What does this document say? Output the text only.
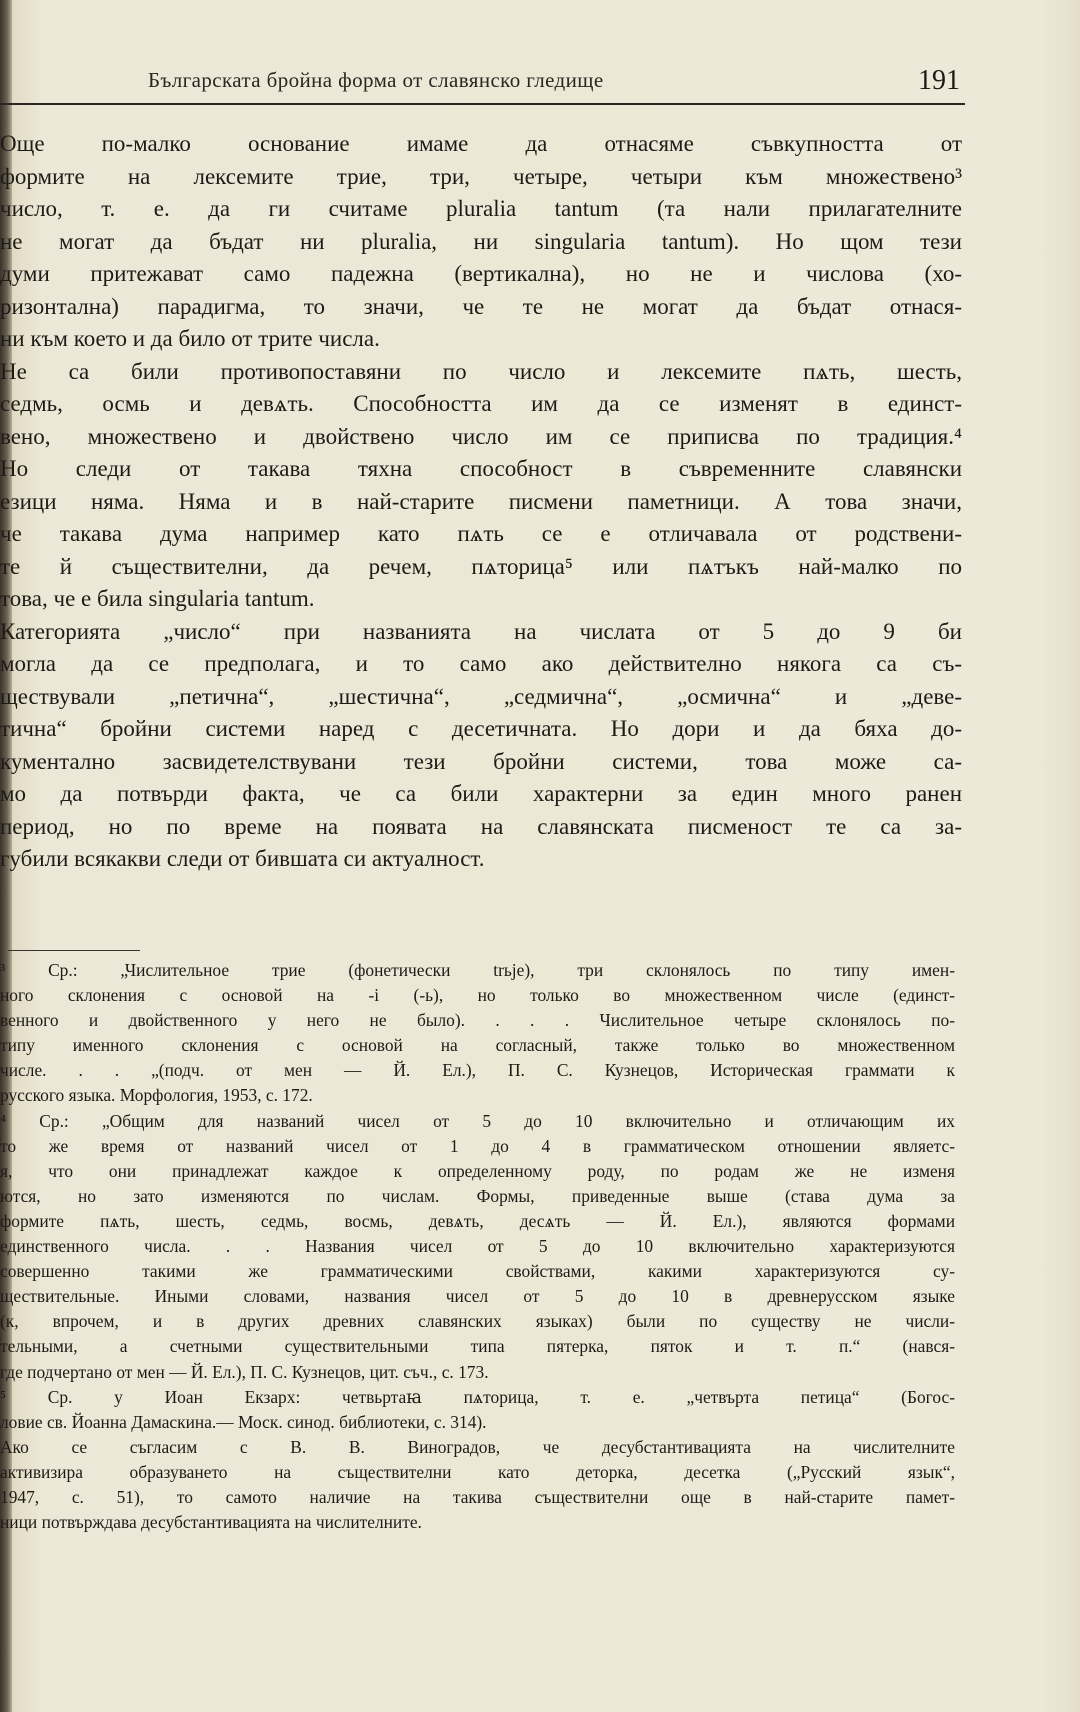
Българската бройна форма от славянско гледище	191
Още по-малко основание имаме да отнасяме съвкупността от
формите на лексемите трие, три, четыре, четыри към множествено³
число, т. е. да ги считаме pluralia tantum (та нали прилагателните
не могат да бъдат ни pluralia, ни singularia tantum). Но щом тези
думи притежават само падежна (вертикална), но не и числова (хо-
ризонтална) парадигма, то значи, че те не могат да бъдат отнася-
ни към което и да било от трите числа.
Не са били противопоставяни по число и лексемите пѧть, шесть,
седмь, осмь и девѧть. Способността им да се изменят в единст-
вено, множествено и двойствено число им се приписва по традиция.⁴
Но следи от такава тяхна способност в съвременните славянски
езици няма. Няма и в най-старите писмени паметници. А това значи,
че такава дума например като пѧть се е отличавала от родствени-
те й съществителни, да речем, пѧторица⁵ или пѧтъкъ най-малко по
това, че е била singularia tantum.
Категорията „число“ при названията на числата от 5 до 9 би
могла да се предполага, и то само ако действително някога са съ-
ществували „петична“, „шестична“, „седмична“, „осмична“ и „деве-
тична“ бройни системи наред с десетичната. Но дори и да бяха до-
кументално засвидетелствувани тези бройни системи, това може са-
мо да потвърди факта, че са били характерни за един много ранен
период, но по време на появата на славянската писменост те са за-
губили всякакви следи от бившата си актуалност.
³ Ср.: „Числительное трие (фонетически trьje), три склонялось по типу имен-
ного склонения с основой на -i (-ь), но только во множественном числе (единст-
венного и двойственного у него не было). . . . Числительное четыре склонялось по-
типу именного склонения с основой на согласный, также только во множественном
числе. . . „(подч. от мен — Й. Ел.), П. С. Кузнецов, Историческая граммати к
русского языка. Морфология, 1953, с. 172.
⁴ Ср.: „Общим для названий чисел от 5 до 10 включительно и отличающим их
то же время от названий чисел от 1 до 4 в грамматическом отношении являетс-
я, что они принадлежат каждое к определенному роду, по родам же не изменя
ются, но зато изменяются по числам. Формы, приведенные выше (става дума за
формите пѧть, шесть, седмь, восмь, девѧть, десѧть — Й. Ел.), являются формами
единственного числа. . . Названия чисел от 5 до 10 включительно характеризуются
совершенно такими же грамматическими свойствами, какими характеризуются су-
ществительные. Иными словами, названия чисел от 5 до 10 в древнерусском языке
(к, впрочем, и в других древних славянских языках) были по существу не числи-
тельными, а счетными существительными типа пятерка, пяток и т. п.“ (нався-
где подчертано от мен — Й. Ел.), П. С. Кузнецов, цит. съч., с. 173.
⁵ Ср. у Иоан Екзарх: четвьртаꙗ пѧторица, т. е. „четвърта петица“ (Богос-
ловие св. Йоанна Дамаскина.— Моск. синод. библиотеки, с. 314).
Ако се съгласим с В. В. Виноградов, че десубстантивацията на числителните
активизира образуването на съществителни като деторка, десетка („Русский язык“,
1947, с. 51), то самото наличие на такива съществителни още в най-старите памет-
ници потвърждава десубстантивацията на числителните.
